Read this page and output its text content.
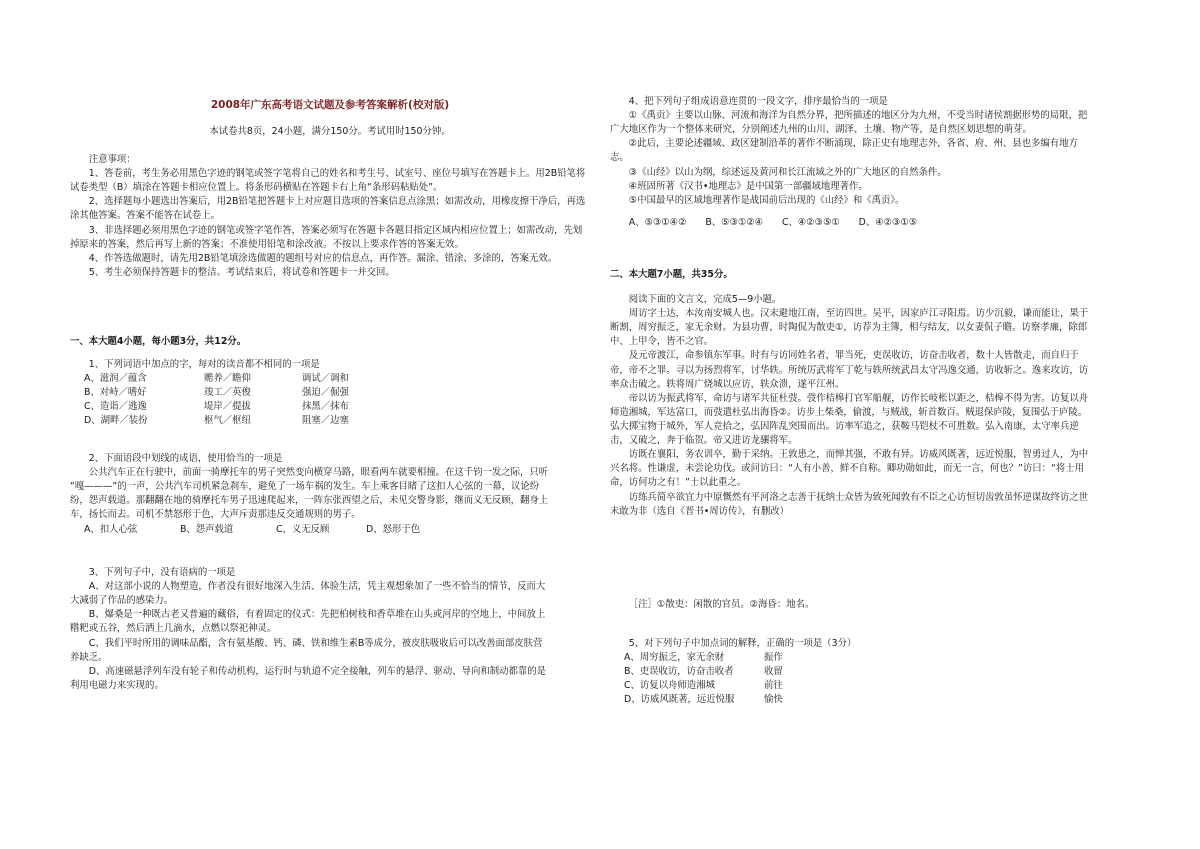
2008年广东高考语文试题及参考答案解析(校对版)

本试卷共8页，24小题，满分150分。考试用时150分钟。

注意事项：

1、答卷前，考生务必用黑色字迹的钢笔或签字笔将自己的姓名和考生号、试室号、座位号填写在答题卡上。用2B铅笔将试卷类型（B）填涂在答题卡相应位置上。将条形码横贴在答题卡右上角“条形码粘贴处”。

2、选择题每小题选出答案后，用2B铅笔把答题卡上对应题目选项的答案信息点涂黑；如需改动，用橡皮擦干净后，再选涂其他答案。答案不能答在试卷上。

3、非选择题必须用黑色字迹的钢笔或签字笔作答，答案必须写在答题卡各题目指定区域内相应位置上；如需改动，先划掉原来的答案，然后再写上新的答案；不准使用铅笔和涂改液。不按以上要求作答的答案无效。

4、作答选做题时，请先用2B铅笔填涂选做题的题组号对应的信息点，再作答。漏涂、错涂、多涂的，答案无效。

5、考生必须保持答题卡的整洁。考试结束后，将试卷和答题卡一并交回。

一、本大题4小题，每小题3分，共12分。

1、下列词语中加点的字，每对的读音都不相同的一项是

A、滋润／蕴含	赡养／瞻仰	调试／调和
B、对峙／嗜好	竣工／英俊	强迫／倔强
C、造诣／逃逸	堤岸／提拔	抹黑／抹布
D、湖畔／装扮	枢气／枢纽	阻塞／边塞

2、下面语段中划线的成语，使用恰当的一项是

公共汽车正在行驶中，前面一骑摩托车的男子突然变向横穿马路，眼看两车就要相撞。在这千钧一发之际，只听

“嘎———”的一声，公共汽车司机紧急刹车，避免了一场车祸的发生。车上乘客目睹了这扣人心弦的一幕，议论纷

纷，怨声载道。那翻翻在地的骑摩托车男子迅速爬起来，一阵东张西望之后，未见交警身影，继而义无反顾，翻身上

车，扬长而去。司机不禁怒形于色，大声斥责那违反交通规则的男子。

A、扣人心弦	B、怨声载道	C、义无反顾	D、怒形于色

3、下列句子中，没有语病的一项是

A、对这部小说的人物塑造，作者没有很好地深入生活、体验生活，凭主观想象加了一些不恰当的情节，反而大

大减弱了作品的感染力。

B、爆桑是一种既古老又普遍的藏俗，有着固定的仪式：先把柏树枝和香草堆在山头或河岸的空地上，中间放上

糌粑或五谷，然后洒上几滴水，点燃以祭祀神灵。

C、我们平时所用的调味品酯，含有氨基酸、钙、磷、铁和维生素B等成分，被皮肤吸收后可以改善面部皮肤营

养缺乏。

D、高速磁悬浮列车没有轮子和传动机构，运行时与轨道不完全接触，列车的悬浮、驱动、导向和制动都靠的是

利用电磁力来实现的。

4、把下列句子组成语意连贯的一段文字，排序最恰当的一项是

①《禹贡》主要以山脉、河流和海洋为自然分界，把所描述的地区分为九州，不受当时诸侯割据形势的局限，把

广大地区作为一个整体来研究，分别阐述九州的山川、湖泽、土壤、物产等，是自然区划思想的萌芽。

②此后，主要论述疆域、政区建制沿革的著作不断涌现，除正史有地理志外，各省、府、州、县也多编有地方

志。

③《山经》以山为纲，综述远及黄河和长江流域之外的广大地区的自然条件。

④班固所著《汉书•地理志》是中国第一部疆域地理著作。

⑤中国最早的区域地理著作是战国前后出现的《山经》和《禹贡》。

A、⑤③①④②　　B、⑤③①②④　　C、④②③⑤①　　D、④②③①⑤

二、本大题7小题，共35分。

阅读下面的文言文，完成5—9小题。

周访字士达，本汝南安城人也。汉末避地江南，至访四世。吴平，因家庐江寻阳焉。访少沉毅，谦而能让，果于

断割，周穷振乏，家无余财。为县功曹，时陶侃为散吏①，访荐为主簿，相与结友，以女妻侃子瞻。访察孝廉，除郎

中、上甲令，皆不之官。

及元帝渡江，命参镇东军事。时有与访同姓名者，罪当死，吏误收访，访奋击收者，数十人皆散走，而自归于

帝，帝不之罪。寻以为扬烈将军，讨华轶。所统厉武将军丁乾与轶所统武昌太守冯逸交通，访收斩之。逸来攻访，访

率众击破之。轶将周广烧城以应访，轶众溃，遂平江州。

帝以访为振武将军，命访与诸军共征杜弢。弢作桔槔打官军船舰，访作长岐枨以距之，桔槔不得为害。访复以舟

师造湘城，军达富口，而弢遣杜弘出海昏②。访步上柴桑，偷渡，与贼战，斩首数百。贼退保庐陵，复围弘于庐陵。

弘大掷宝物于城外，军人竞拾之，弘因阵乱突围而出。访率军追之，获鞍马铠杖不可胜数。弘入南康，太守率兵逆

击，又破之，奔于临贺。帝又进访龙骧将军。

访既在襄阳，务农训卒，勤于采纳。王敦患之，而惮其强，不敢有异。访威风既著，远近悦服，智勇过人，为中

兴名将。性谦虚，未尝论功伐。或问访曰：“人有小善，鲜不自称。卿功勋如此，而无一言，何也？”访曰：“将士用

命，访何功之有！”士以此重之。

访练兵简卒欲宜力中原慨然有平河洛之志善于抚纳士众皆为致死闻敦有不臣之心访恒切齿敦虽怀逆谋故终访之世

未敢为非（选自《晋书•周访传》，有删改）

［注］①散吏：闲散的官员。②海昏：地名。

5、对下列句子中加点词的解释，正确的一项是（3分）

A、周穷振乏，家无余财	振作
B、吏误收访，访奋击收者	收留
C、访复以舟师造湘城	前往
D、访威风既著，远近悦服	愉快
